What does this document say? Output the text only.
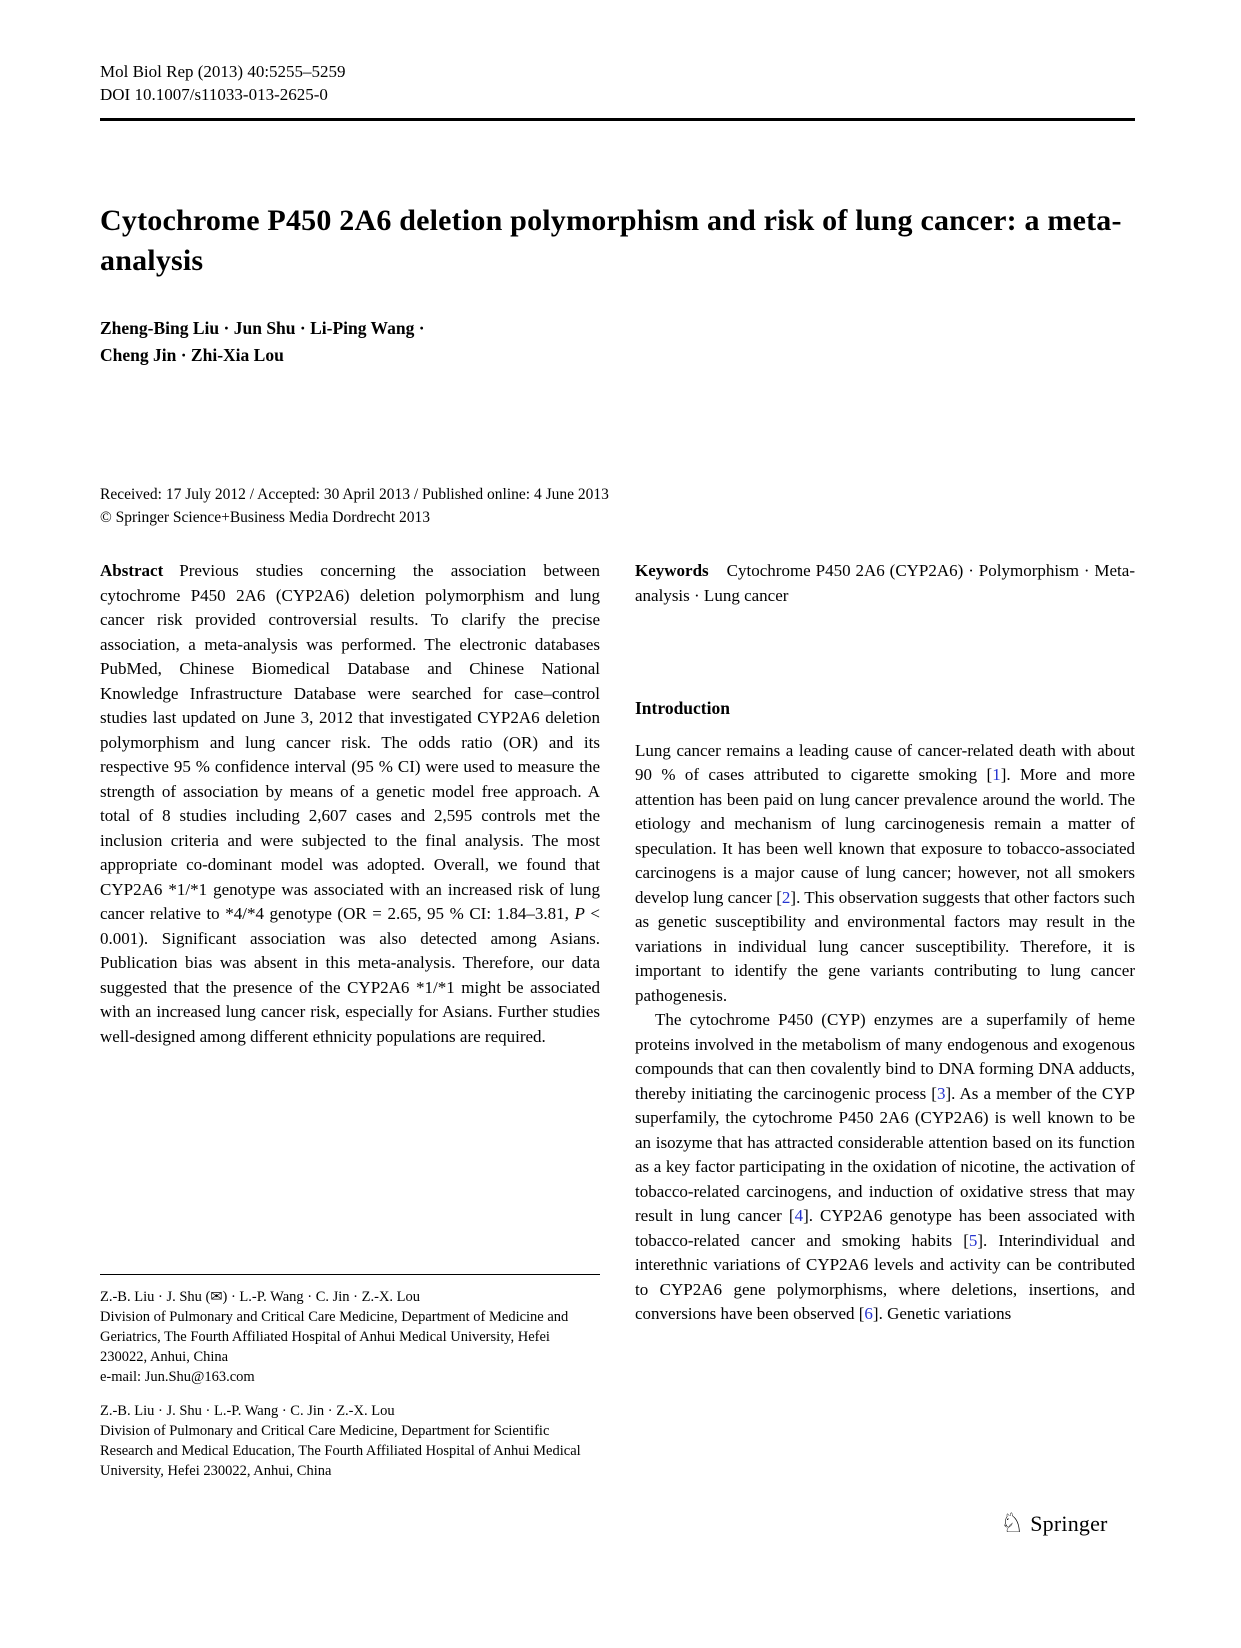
Mol Biol Rep (2013) 40:5255–5259
DOI 10.1007/s11033-013-2625-0
Cytochrome P450 2A6 deletion polymorphism and risk of lung cancer: a meta-analysis
Zheng-Bing Liu · Jun Shu · Li-Ping Wang ·
Cheng Jin · Zhi-Xia Lou
Received: 17 July 2012 / Accepted: 30 April 2013 / Published online: 4 June 2013
© Springer Science+Business Media Dordrecht 2013

Abstract Previous studies concerning the association between cytochrome P450 2A6 (CYP2A6) deletion polymorphism and lung cancer risk provided controversial results. To clarify the precise association, a meta-analysis was performed. The electronic databases PubMed, Chinese Biomedical Database and Chinese National Knowledge Infrastructure Database were searched for case–control studies last updated on June 3, 2012 that investigated CYP2A6 deletion polymorphism and lung cancer risk. The odds ratio (OR) and its respective 95 % confidence interval (95 % CI) were used to measure the strength of association by means of a genetic model free approach. A total of 8 studies including 2,607 cases and 2,595 controls met the inclusion criteria and were subjected to the final analysis. The most appropriate co-dominant model was adopted. Overall, we found that CYP2A6 *1/*1 genotype was associated with an increased risk of lung cancer relative to *4/*4 genotype (OR = 2.65, 95 % CI: 1.84–3.81, P < 0.001). Significant association was also detected among Asians. Publication bias was absent in this meta-analysis. Therefore, our data suggested that the presence of the CYP2A6 *1/*1 might be associated with an increased lung cancer risk, especially for Asians. Further studies well-designed among different ethnicity populations are required.

Z.-B. Liu · J. Shu (✉) · L.-P. Wang · C. Jin · Z.-X. Lou
Division of Pulmonary and Critical Care Medicine, Department of Medicine and Geriatrics, The Fourth Affiliated Hospital of Anhui Medical University, Hefei 230022, Anhui, China
e-mail: Jun.Shu@163.com
Z.-B. Liu · J. Shu · L.-P. Wang · C. Jin · Z.-X. Lou
Division of Pulmonary and Critical Care Medicine, Department for Scientific Research and Medical Education, The Fourth Affiliated Hospital of Anhui Medical University, Hefei 230022, Anhui, China

Keywords Cytochrome P450 2A6 (CYP2A6) · Polymorphism · Meta-analysis · Lung cancer

Introduction

Lung cancer remains a leading cause of cancer-related death with about 90 % of cases attributed to cigarette smoking [1]. More and more attention has been paid on lung cancer prevalence around the world. The etiology and mechanism of lung carcinogenesis remain a matter of speculation. It has been well known that exposure to tobacco-associated carcinogens is a major cause of lung cancer; however, not all smokers develop lung cancer [2]. This observation suggests that other factors such as genetic susceptibility and environmental factors may result in the variations in individual lung cancer susceptibility. Therefore, it is important to identify the gene variants contributing to lung cancer pathogenesis.

The cytochrome P450 (CYP) enzymes are a superfamily of heme proteins involved in the metabolism of many endogenous and exogenous compounds that can then covalently bind to DNA forming DNA adducts, thereby initiating the carcinogenic process [3]. As a member of the CYP superfamily, the cytochrome P450 2A6 (CYP2A6) is well known to be an isozyme that has attracted considerable attention based on its function as a key factor participating in the oxidation of nicotine, the activation of tobacco-related carcinogens, and induction of oxidative stress that may result in lung cancer [4]. CYP2A6 genotype has been associated with tobacco-related cancer and smoking habits [5]. Interindividual and interethnic variations of CYP2A6 levels and activity can be contributed to CYP2A6 gene polymorphisms, where deletions, insertions, and conversions have been observed [6]. Genetic variations

♘ Springer
